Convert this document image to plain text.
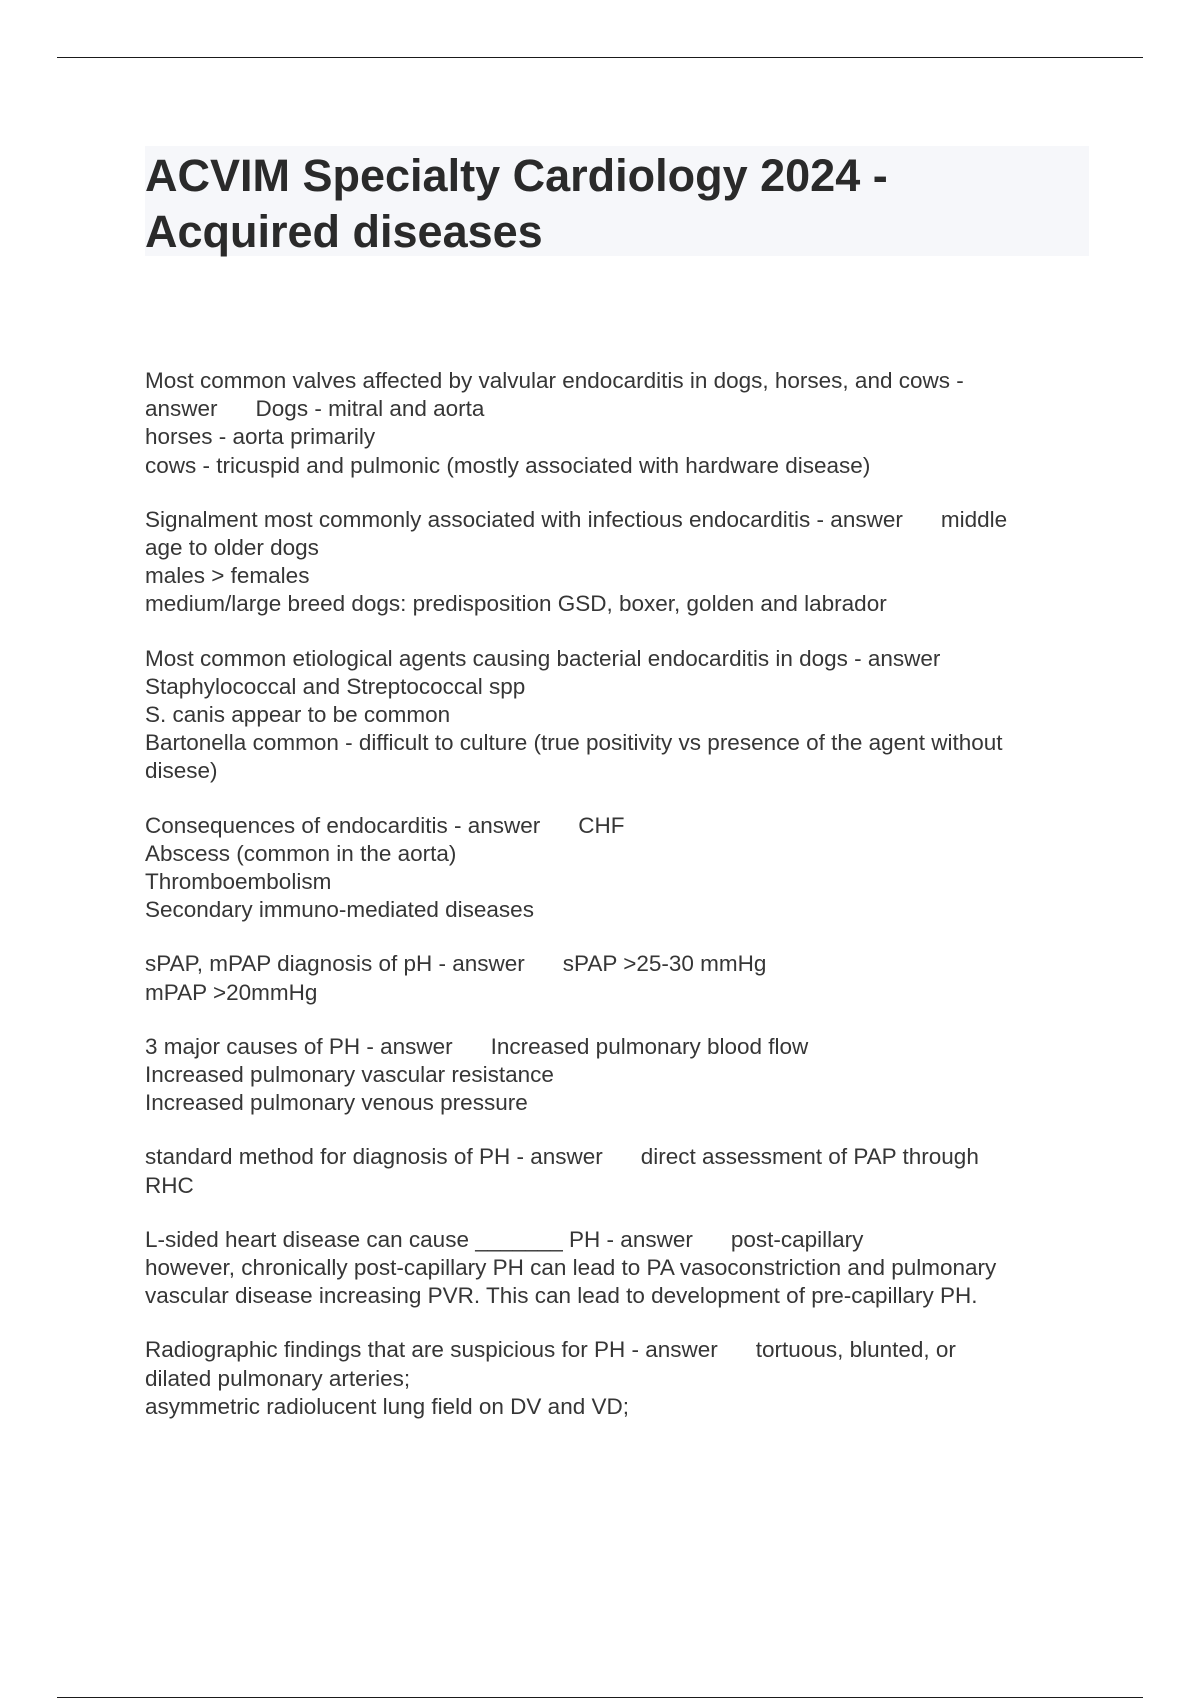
ACVIM Specialty Cardiology 2024 -
Acquired diseases
Most common valves affected by valvular endocarditis in dogs, horses, and cows -
answer Dogs - mitral and aorta
horses - aorta primarily
cows - tricuspid and pulmonic (mostly associated with hardware disease)
Signalment most commonly associated with infectious endocarditis - answer middle
age to older dogs
males > females
medium/large breed dogs: predisposition GSD, boxer, golden and labrador
Most common etiological agents causing bacterial endocarditis in dogs - answer
Staphylococcal and Streptococcal spp
S. canis appear to be common
Bartonella common - difficult to culture (true positivity vs presence of the agent without
disese)
Consequences of endocarditis - answer CHF
Abscess (common in the aorta)
Thromboembolism
Secondary immuno-mediated diseases
sPAP, mPAP diagnosis of pH - answer sPAP >25-30 mmHg
mPAP >20mmHg
3 major causes of PH - answer Increased pulmonary blood flow
Increased pulmonary vascular resistance
Increased pulmonary venous pressure
standard method for diagnosis of PH - answer direct assessment of PAP through
RHC
L-sided heart disease can cause _______ PH - answer post-capillary
however, chronically post-capillary PH can lead to PA vasoconstriction and pulmonary
vascular disease increasing PVR. This can lead to development of pre-capillary PH.
Radiographic findings that are suspicious for PH - answer tortuous, blunted, or
dilated pulmonary arteries;
asymmetric radiolucent lung field on DV and VD;
